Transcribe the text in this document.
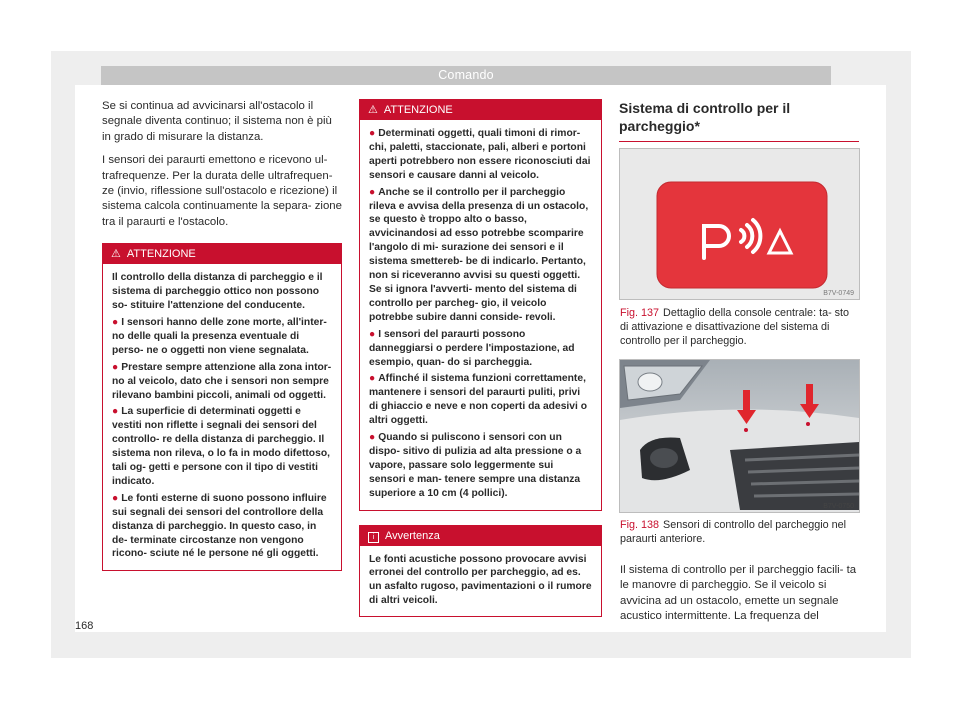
Comando

Se si continua ad avvicinarsi all'ostacolo il segnale diventa continuo; il sistema non è più in grado di misurare la distanza.

I sensori dei paraurti emettono e ricevono ul- trafrequenze. Per la durata delle ultrafrequen- ze (invio, riflessione sull'ostacolo e ricezione) il sistema calcola continuamente la separa- zione tra il paraurti e l'ostacolo.

⚠ ATTENZIONE
Il controllo della distanza di parcheggio e il sistema di parcheggio ottico non possono so- stituire l'attenzione del conducente.
● I sensori hanno delle zone morte, all'inter- no delle quali la presenza eventuale di perso- ne o oggetti non viene segnalata.
● Prestare sempre attenzione alla zona intor- no al veicolo, dato che i sensori non sempre rilevano bambini piccoli, animali od oggetti.
● La superficie di determinati oggetti e vestiti non riflette i segnali dei sensori del controllo- re della distanza di parcheggio. Il sistema non rileva, o lo fa in modo difettoso, tali og- getti e persone con il tipo di vestiti indicato.
● Le fonti esterne di suono possono influire sui segnali dei sensori del controllore della distanza di parcheggio. In questo caso, in de- terminate circostanze non vengono ricono- sciute né le persone né gli oggetti.
⚠ ATTENZIONE
● Determinati oggetti, quali timoni di rimor- chi, paletti, staccionate, pali, alberi e portoni aperti potrebbero non essere riconosciuti dai sensori e causare danni al veicolo.
● Anche se il controllo per il parcheggio rileva e avvisa della presenza di un ostacolo, se questo è troppo alto o basso, avvicinandosi ad esso potrebbe scomparire l'angolo di mi- surazione dei sensori e il sistema smettereb- be di indicarlo. Pertanto, non si riceveranno avvisi su questi oggetti. Se si ignora l'avverti- mento del sistema di controllo per parcheg- gio, il veicolo potrebbe subire danni conside- revoli.
● I sensori del paraurti possono danneggiarsi o perdere l'impostazione, ad esempio, quan- do si parcheggia.
● Affinché il sistema funzioni correttamente, mantenere i sensori del paraurti puliti, privi di ghiaccio e neve e non coperti da adesivi o altri oggetti.
● Quando si puliscono i sensori con un dispo- sitivo di pulizia ad alta pressione o a vapore, passare solo leggermente sui sensori e man- tenere sempre una distanza superiore a 10 cm (4 pollici).
i Avvertenza
Le fonti acustiche possono provocare avvisi erronei del controllo per parcheggio, ad es. un asfalto rugoso, pavimentazioni o il rumore di altri veicoli.
Sistema di controllo per il parcheggio*
B7V-0749
Fig. 137 Dettaglio della console centrale: ta- sto di attivazione e disattivazione del sistema di controllo per il parcheggio.
B7V-0750
Fig. 138 Sensori di controllo del parcheggio nel paraurti anteriore.

Il sistema di controllo per il parcheggio facili- ta le manovre di parcheggio. Se il veicolo si avvicina ad un ostacolo, emette un segnale acustico intermittente. La frequenza del

168
